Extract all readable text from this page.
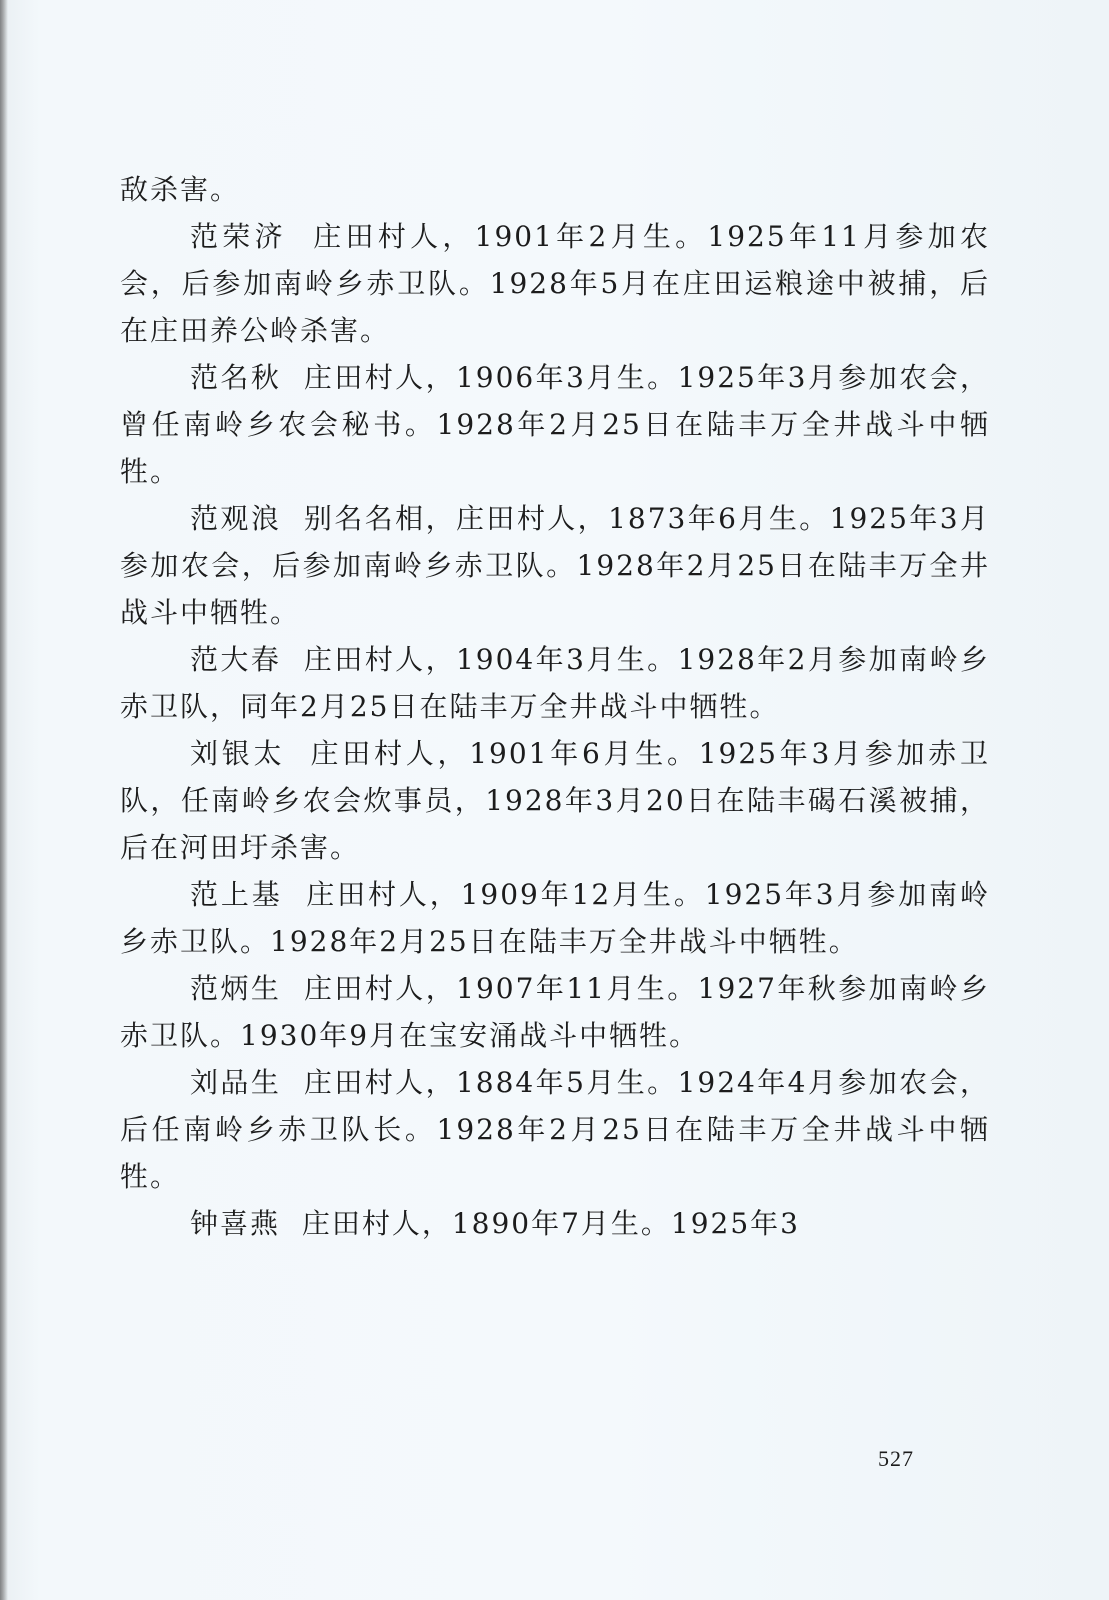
敌杀害。

范荣济 庄田村人，1901年2月生。1925年11月参加农会，后参加南岭乡赤卫队。1928年5月在庄田运粮途中被捕，后在庄田养公岭杀害。

范名秋 庄田村人，1906年3月生。1925年3月参加农会，曾任南岭乡农会秘书。1928年2月25日在陆丰万全井战斗中牺牲。

范观浪 别名名相，庄田村人，1873年6月生。1925年3月参加农会，后参加南岭乡赤卫队。1928年2月25日在陆丰万全井战斗中牺牲。

范大春 庄田村人，1904年3月生。1928年2月参加南岭乡赤卫队，同年2月25日在陆丰万全井战斗中牺牲。

刘银太 庄田村人，1901年6月生。1925年3月参加赤卫队，任南岭乡农会炊事员，1928年3月20日在陆丰碣石溪被捕，后在河田圩杀害。

范上基 庄田村人，1909年12月生。1925年3月参加南岭乡赤卫队。1928年2月25日在陆丰万全井战斗中牺牲。

范炳生 庄田村人，1907年11月生。1927年秋参加南岭乡赤卫队。1930年9月在宝安涌战斗中牺牲。

刘品生 庄田村人，1884年5月生。1924年4月参加农会，后任南岭乡赤卫队长。1928年2月25日在陆丰万全井战斗中牺牲。

钟喜燕 庄田村人，1890年7月生。1925年3

527
